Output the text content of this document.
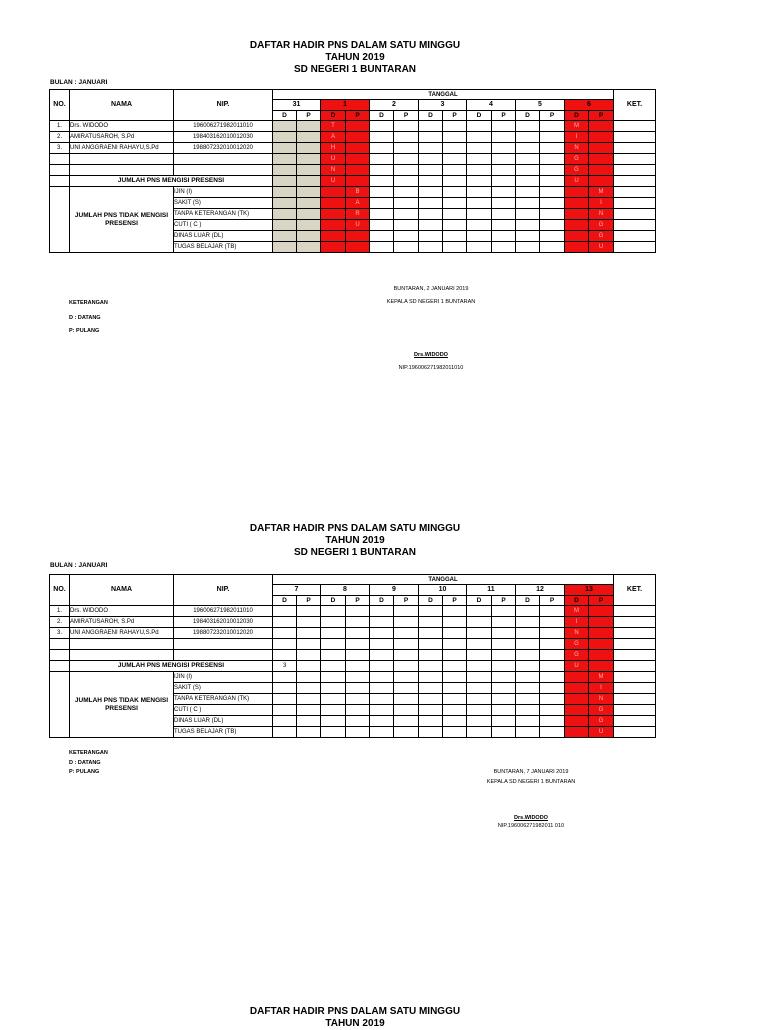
DAFTAR HADIR PNS DALAM SATU MINGGU
TAHUN 2019
SD NEGERI 1 BUNTARAN
BULAN : JANUARI
NO.	NAMA	NIP.	TANGGAL														KET.
			31		1		2		3		4		5		6		
			D	P	D	P	D	P	D	P	D	P	D	P	D	P	
1.	Drs. WIDODO	196006271982011010			T										M		
2.	AMIRATUSAROH, S.Pd	198403162010012030			A										I		
3.	UNI ANGGRAENI RAHAYU,S.Pd	198807232010012020			H										N		
					U										G		
					N										G		
	JUMLAH PNS MENGISI PRESENSI				U										U		
	JUMLAH PNS TIDAK MENGISI PRESENSI	IJIN (I)				B										M	
		SAKIT (S)				A										I	
		TANPA KETERANGAN (TK)				R										N	
		CUTI ( C )				U										G	
		DINAS LUAR (DL)														G	
		TUGAS BELAJAR (TB)														U	
KETERANGAN
D : DATANG
P: PULANG
BUNTARAN, 2 JANUARI 2019
KEPALA SD NEGERI 1 BUNTARAN
Drs.WIDODO
NIP.196006271982011010
DAFTAR HADIR PNS DALAM SATU MINGGU
TAHUN 2019
SD NEGERI 1 BUNTARAN
BULAN : JANUARI
NO.	NAMA	NIP.	TANGGAL														KET.
			7		8		9		10		11		12		13		
			D	P	D	P	D	P	D	P	D	P	D	P	D	P	
1.	Drs. WIDODO	196006271982011010													M		
2.	AMIRATUSAROH, S.Pd	198403162010012030													I		
3.	UNI ANGGRAENI RAHAYU,S.Pd	198807232010012020													N		
															G		
															G		
	JUMLAH PNS MENGISI PRESENSI		3												U		
	JUMLAH PNS TIDAK MENGISI PRESENSI	IJIN (I)														M	
		SAKIT (S)														I	
		TANPA KETERANGAN (TK)														N	
		CUTI ( C )														G	
		DINAS LUAR (DL)														G	
		TUGAS BELAJAR (TB)														U	
KETERANGAN
D : DATANG
P: PULANG	BUNTARAN, 7 JANUARI 2019
KEPALA SD NEGERI 1 BUNTARAN
Drs.WIDODO
NIP.196006271982011 010
DAFTAR HADIR PNS DALAM SATU MINGGU
TAHUN 2019
